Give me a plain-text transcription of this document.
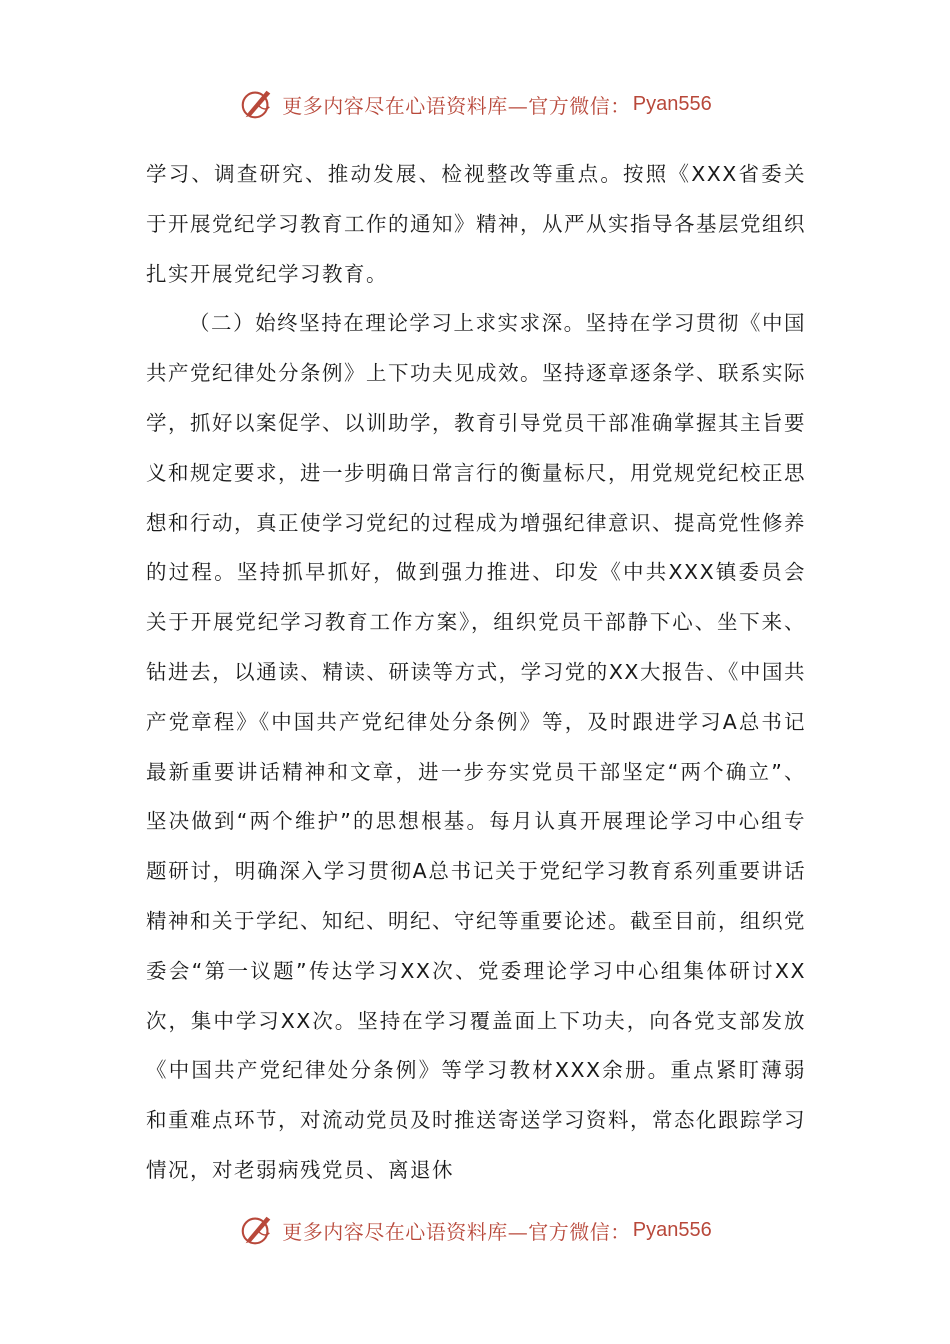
更多内容尽在心语资料库—官方微信： Pyan556

学习、调查研究、推动发展、检视整改等重点。按照《XXX省委关于开展党纪学习教育工作的通知》精神，从严从实指导各基层党组织扎实开展党纪学习教育。

（二）始终坚持在理论学习上求实求深。坚持在学习贯彻《中国共产党纪律处分条例》上下功夫见成效。坚持逐章逐条学、联系实际学，抓好以案促学、以训助学，教育引导党员干部准确掌握其主旨要义和规定要求，进一步明确日常言行的衡量标尺，用党规党纪校正思想和行动，真正使学习党纪的过程成为增强纪律意识、提高党性修养的过程。坚持抓早抓好，做到强力推进、印发《中共XXX镇委员会关于开展党纪学习教育工作方案》，组织党员干部静下心、坐下来、钻进去，以通读、精读、研读等方式，学习党的XX大报告、《中国共产党章程》《中国共产党纪律处分条例》等，及时跟进学习A总书记最新重要讲话精神和文章，进一步夯实党员干部坚定“两个确立”、坚决做到“两个维护”的思想根基。每月认真开展理论学习中心组专题研讨，明确深入学习贯彻A总书记关于党纪学习教育系列重要讲话精神和关于学纪、知纪、明纪、守纪等重要论述。截至目前，组织党委会“第一议题”传达学习XX次、党委理论学习中心组集体研讨XX次，集中学习XX次。坚持在学习覆盖面上下功夫，向各党支部发放《中国共产党纪律处分条例》等学习教材XXX余册。重点紧盯薄弱和重难点环节，对流动党员及时推送寄送学习资料，常态化跟踪学习情况，对老弱病残党员、离退休

更多内容尽在心语资料库—官方微信： Pyan556
